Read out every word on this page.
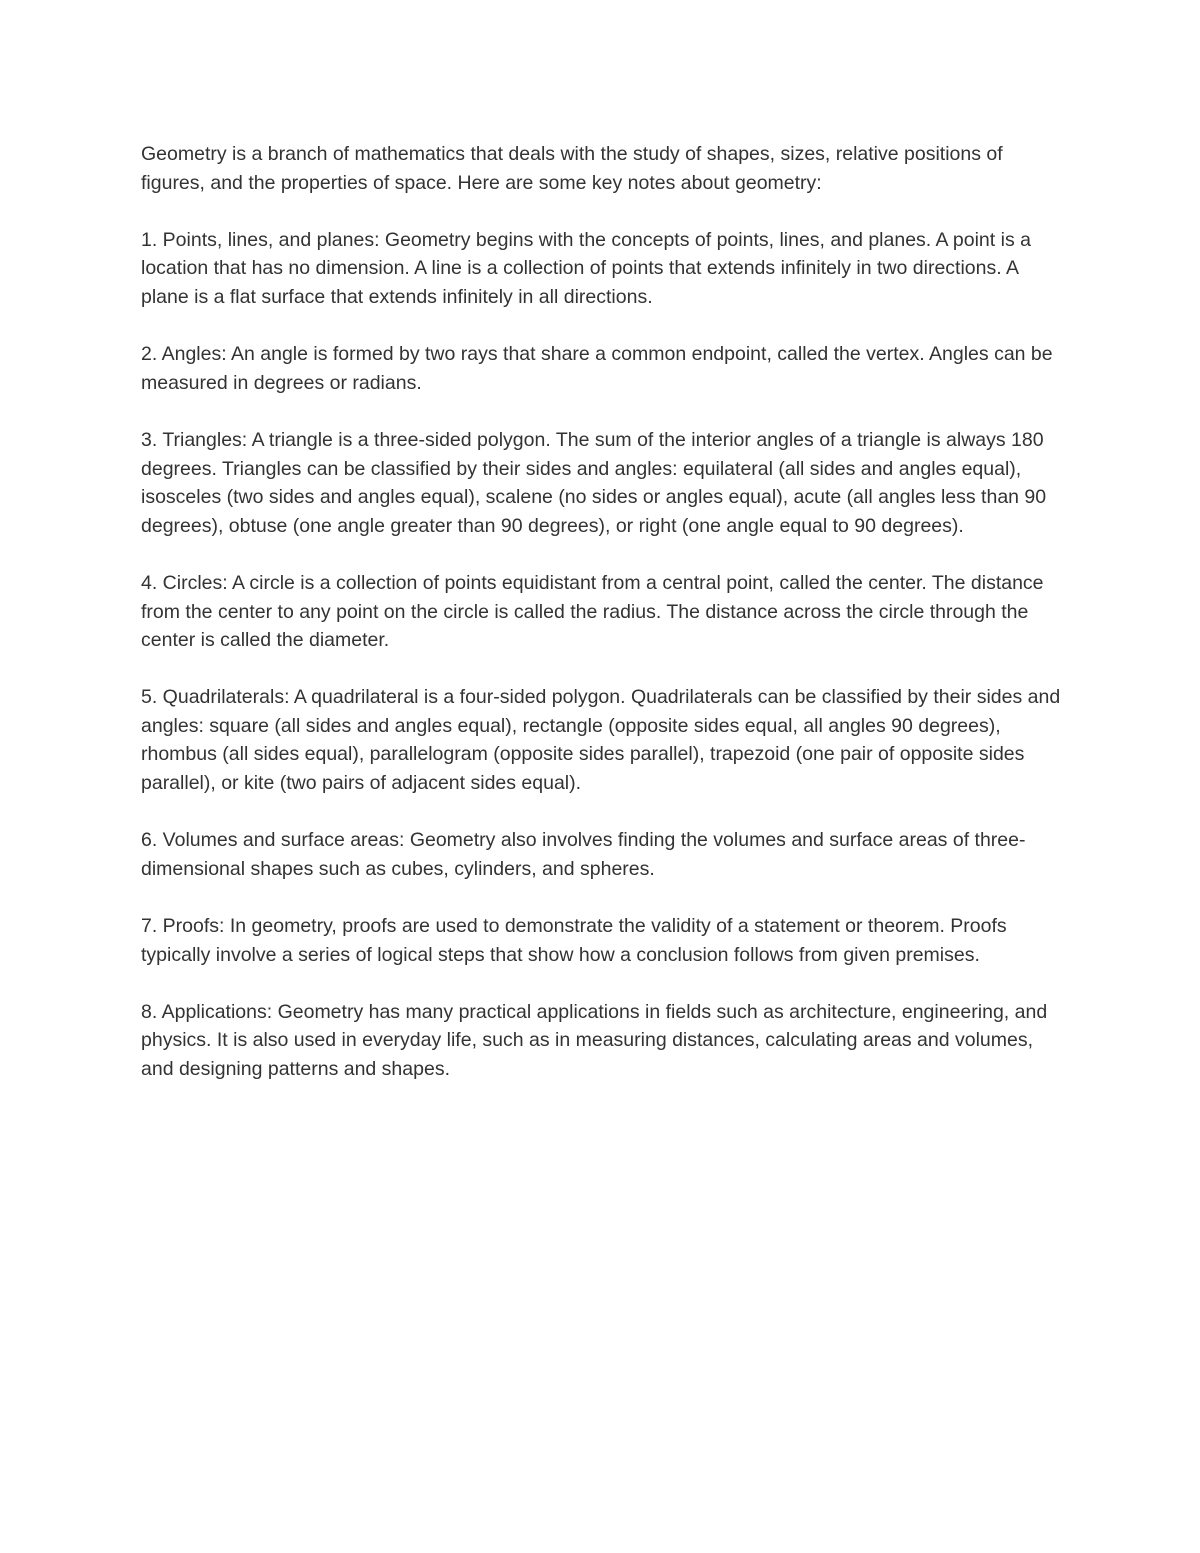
Geometry is a branch of mathematics that deals with the study of shapes, sizes, relative positions of figures, and the properties of space. Here are some key notes about geometry:

1. Points, lines, and planes: Geometry begins with the concepts of points, lines, and planes. A point is a location that has no dimension. A line is a collection of points that extends infinitely in two directions. A plane is a flat surface that extends infinitely in all directions.

2. Angles: An angle is formed by two rays that share a common endpoint, called the vertex. Angles can be measured in degrees or radians.

3. Triangles: A triangle is a three-sided polygon. The sum of the interior angles of a triangle is always 180 degrees. Triangles can be classified by their sides and angles: equilateral (all sides and angles equal), isosceles (two sides and angles equal), scalene (no sides or angles equal), acute (all angles less than 90 degrees), obtuse (one angle greater than 90 degrees), or right (one angle equal to 90 degrees).

4. Circles: A circle is a collection of points equidistant from a central point, called the center. The distance from the center to any point on the circle is called the radius. The distance across the circle through the center is called the diameter.

5. Quadrilaterals: A quadrilateral is a four-sided polygon. Quadrilaterals can be classified by their sides and angles: square (all sides and angles equal), rectangle (opposite sides equal, all angles 90 degrees), rhombus (all sides equal), parallelogram (opposite sides parallel), trapezoid (one pair of opposite sides parallel), or kite (two pairs of adjacent sides equal).

6. Volumes and surface areas: Geometry also involves finding the volumes and surface areas of three-dimensional shapes such as cubes, cylinders, and spheres.

7. Proofs: In geometry, proofs are used to demonstrate the validity of a statement or theorem. Proofs typically involve a series of logical steps that show how a conclusion follows from given premises.

8. Applications: Geometry has many practical applications in fields such as architecture, engineering, and physics. It is also used in everyday life, such as in measuring distances, calculating areas and volumes, and designing patterns and shapes.
